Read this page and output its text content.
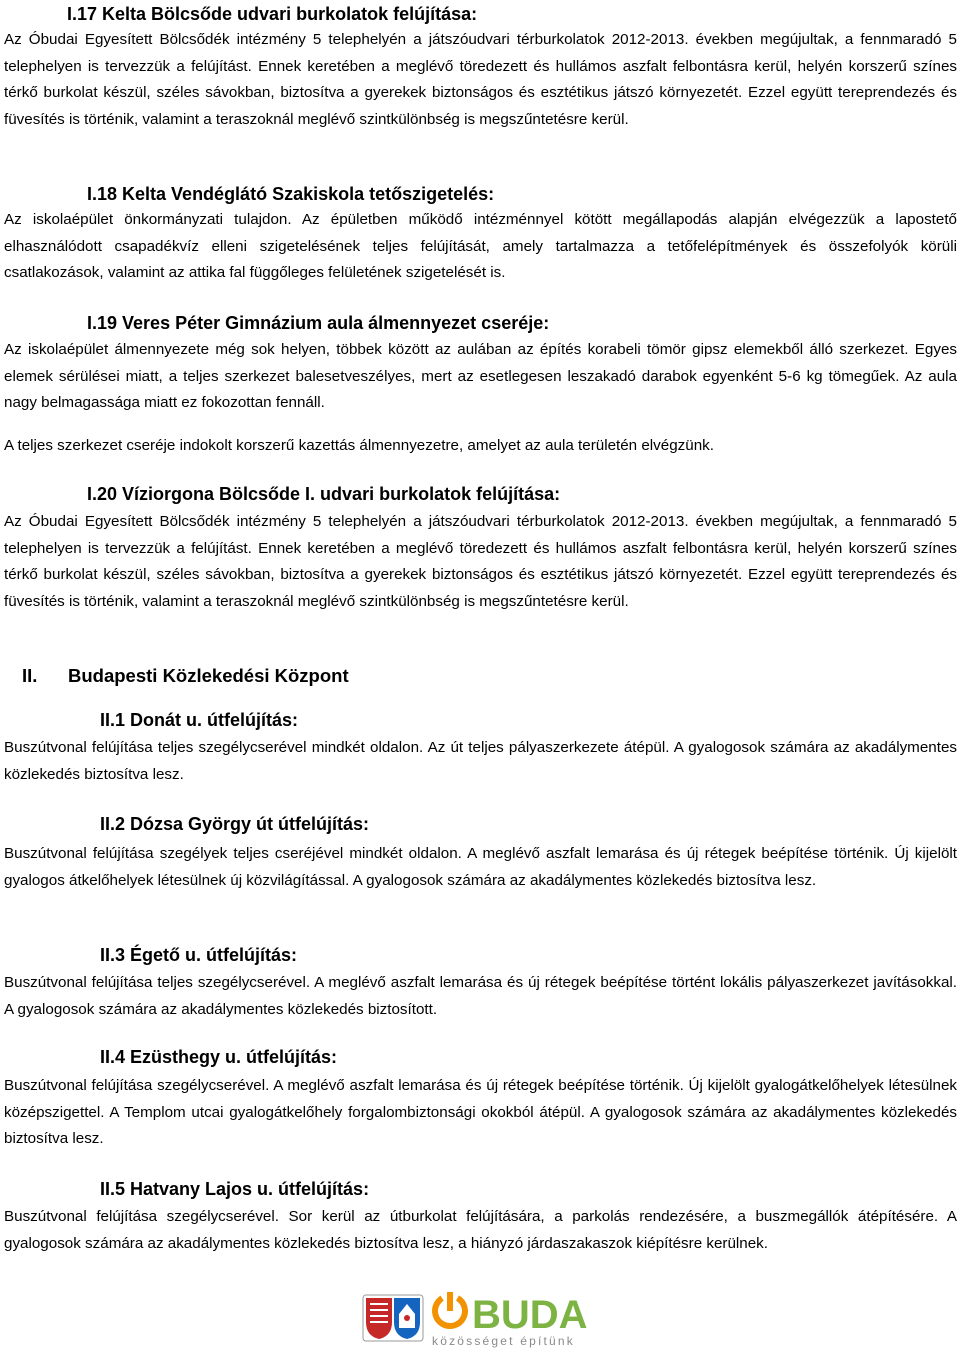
I.17 Kelta Bölcsőde udvari burkolatok felújítása:
Az Óbudai Egyesített Bölcsődék intézmény 5 telephelyén a játszóudvari térburkolatok 2012-2013. években megújultak, a fennmaradó 5 telephelyen is tervezzük a felújítást. Ennek keretében a meglévő töredezett és hullámos aszfalt felbontásra kerül, helyén korszerű színes térkő burkolat készül, széles sávokban, biztosítva a gyerekek biztonságos és esztétikus játszó környezetét. Ezzel együtt tereprendezés és füvesítés is történik, valamint a teraszoknál meglévő szintkülönbség is megszűntetésre kerül.
I.18 Kelta Vendéglátó Szakiskola tetőszigetelés:
Az iskolaépület önkormányzati tulajdon. Az épületben működő intézménnyel kötött megállapodás alapján elvégezzük a lapostető elhasználódott csapadékvíz elleni szigetelésének teljes felújítását, amely tartalmazza a tetőfelépítmények és összefolyók körüli csatlakozások, valamint az attika fal függőleges felületének szigetelését is.
I.19 Veres Péter Gimnázium aula álmennyezet cseréje:
Az iskolaépület álmennyezete még sok helyen, többek között az aulában az építés korabeli tömör gipsz elemekből álló szerkezet. Egyes elemek sérülései miatt, a teljes szerkezet balesetveszélyes, mert az esetlegesen leszakadó darabok egyenként 5-6 kg tömegűek. Az aula nagy belmagassága miatt ez fokozottan fennáll.
A teljes szerkezet cseréje indokolt korszerű kazettás álmennyezetre, amelyet az aula területén elvégzünk.
I.20 Víziorgona Bölcsőde I. udvari burkolatok felújítása:
Az Óbudai Egyesített Bölcsődék intézmény 5 telephelyén a játszóudvari térburkolatok 2012-2013. években megújultak, a fennmaradó 5 telephelyen is tervezzük a felújítást. Ennek keretében a meglévő töredezett és hullámos aszfalt felbontásra kerül, helyén korszerű színes térkő burkolat készül, széles sávokban, biztosítva a gyerekek biztonságos és esztétikus játszó környezetét. Ezzel együtt tereprendezés és füvesítés is történik, valamint a teraszoknál meglévő szintkülönbség is megszűntetésre kerül.
II. Budapesti Közlekedési Központ
II.1 Donát u. útfelújítás:
Buszútvonal felújítása teljes szegélycserével mindkét oldalon. Az út teljes pályaszerkezete átépül. A gyalogosok számára az akadálymentes közlekedés biztosítva lesz.
II.2 Dózsa György út útfelújítás:
Buszútvonal felújítása szegélyek teljes cseréjével mindkét oldalon. A meglévő aszfalt lemarása és új rétegek beépítése történik. Új kijelölt gyalogos átkelőhelyek létesülnek új közvilágítással. A gyalogosok számára az akadálymentes közlekedés biztosítva lesz.
II.3 Égető u. útfelújítás:
Buszútvonal felújítása teljes szegélycserével. A meglévő aszfalt lemarása és új rétegek beépítése történt lokális pályaszerkezet javításokkal. A gyalogosok számára az akadálymentes közlekedés biztosított.
II.4 Ezüsthegy u. útfelújítás:
Buszútvonal felújítása szegélycserével. A meglévő aszfalt lemarása és új rétegek beépítése történik. Új kijelölt gyalogátkelőhelyek létesülnek középszigettel. A Templom utcai gyalogátkelőhely forgalombiztonsági okokból átépül. A gyalogosok számára az akadálymentes közlekedés biztosítva lesz.
II.5 Hatvany Lajos u. útfelújítás:
Buszútvonal felújítása szegélycserével. Sor kerül az útburkolat felújítására, a parkolás rendezésére, a buszmegállók átépítésére. A gyalogosok számára az akadálymentes közlekedés biztosítva lesz, a hiányzó járdaszakaszok kiépítésre kerülnek.
BUDA
közösséget építünk
